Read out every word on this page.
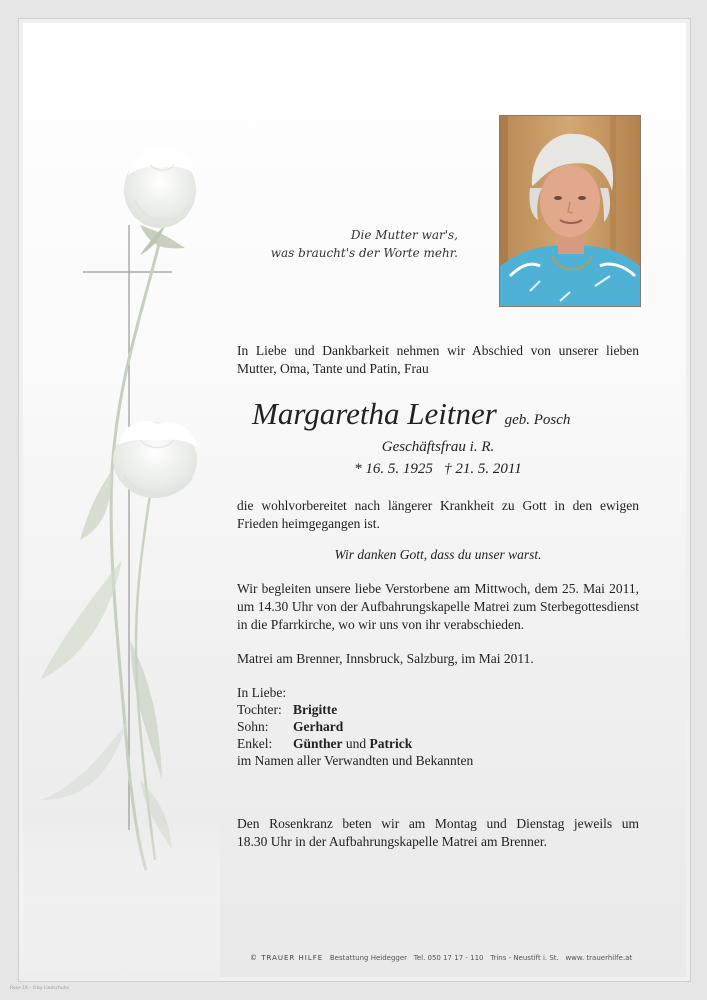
Die Mutter war's,
was braucht's der Worte mehr.

In Liebe und Dankbarkeit nehmen wir Abschied von unserer lieben

Mutter, Oma, Tante und Patin, Frau

Margaretha Leitner geb. Posch

Geschäftsfrau i. R.

* 16. 5. 1925   † 21. 5. 2011

die wohlvorbereitet nach längerer Krankheit zu Gott in den ewigen

Frieden heimgegangen ist.

Wir danken Gott, dass du unser warst.

Wir begleiten unsere liebe Verstorbene am Mittwoch, dem 25. Mai 2011,

um 14.30 Uhr von der Aufbahrungskapelle Matrei zum Sterbegottesdienst

in die Pfarrkirche, wo wir uns von ihr verabschieden.

Matrei am Brenner, Innsbruck, Salzburg, im Mai 2011.

In Liebe:

Tochter: Brigitte

Sohn: Gerhard

Enkel: Günther und Patrick

im Namen aller Verwandten und Bekannten

Den Rosenkranz beten wir am Montag und Dienstag jeweils um

18.30 Uhr in der Aufbahrungskapelle Matrei am Brenner.

© TRAUER HILFE Bestattung Heidegger Tel. 050 17 17 - 110 Trins - Neustift i. St. www. trauerhilfe.at
Rose 16 - ©by Liedschuhs
